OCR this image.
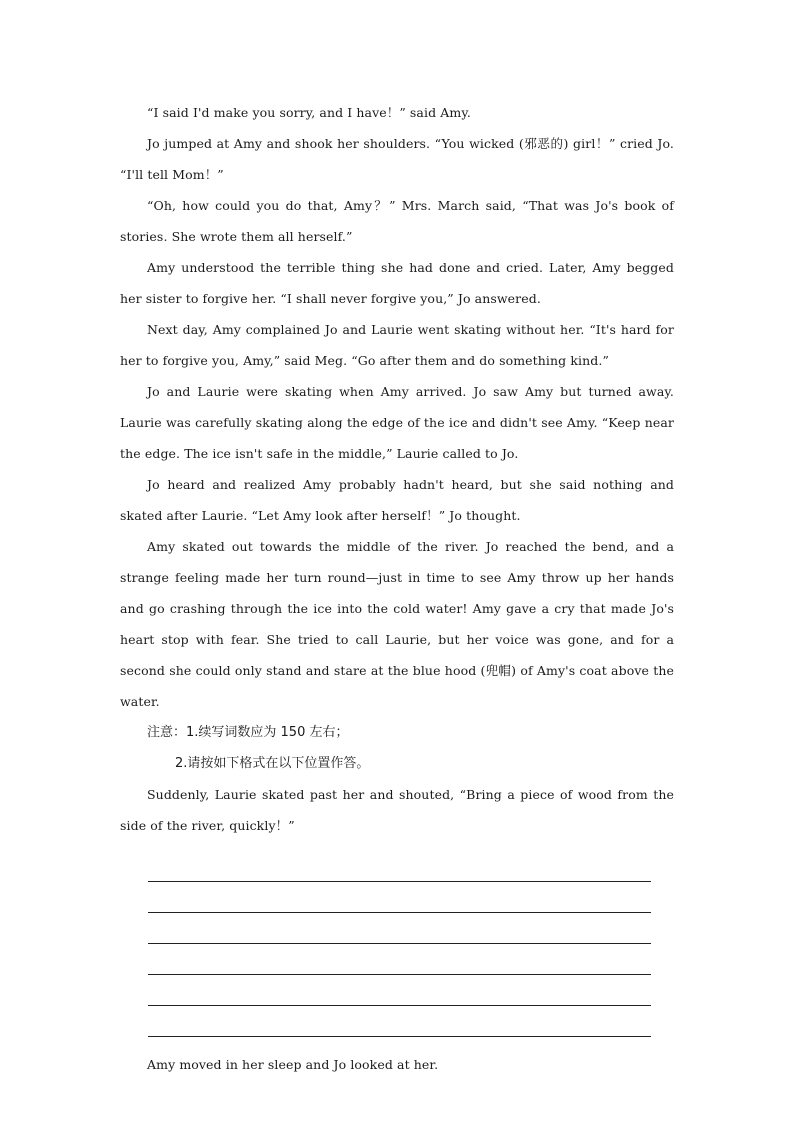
“I said I'd make you sorry, and I have！” said Amy.

Jo jumped at Amy and shook her shoulders. “You wicked (邪恶的) girl！” cried Jo. “I'll tell Mom！”

“Oh, how could you do that, Amy？” Mrs. March said, “That was Jo's book of stories. She wrote them all herself.”

Amy understood the terrible thing she had done and cried. Later, Amy begged her sister to forgive her. “I shall never forgive you,” Jo answered.

Next day, Amy complained Jo and Laurie went skating without her. “It's hard for her to forgive you, Amy,” said Meg. “Go after them and do something kind.”

Jo and Laurie were skating when Amy arrived. Jo saw Amy but turned away. Laurie was carefully skating along the edge of the ice and didn't see Amy. “Keep near the edge. The ice isn't safe in the middle,” Laurie called to Jo.

Jo heard and realized Amy probably hadn't heard, but she said nothing and skated after Laurie. “Let Amy look after herself！” Jo thought.

Amy skated out towards the middle of the river. Jo reached the bend, and a strange feeling made her turn round—just in time to see Amy throw up her hands and go crashing through the ice into the cold water! Amy gave a cry that made Jo's heart stop with fear. She tried to call Laurie, but her voice was gone, and for a second she could only stand and stare at the blue hood (兜帽) of Amy's coat above the water.

注意：1.续写词数应为 150 左右；

2.请按如下格式在以下位置作答。

Suddenly, Laurie skated past her and shouted, “Bring a piece of wood from the side of the river, quickly！”

Amy moved in her sleep and Jo looked at her.
